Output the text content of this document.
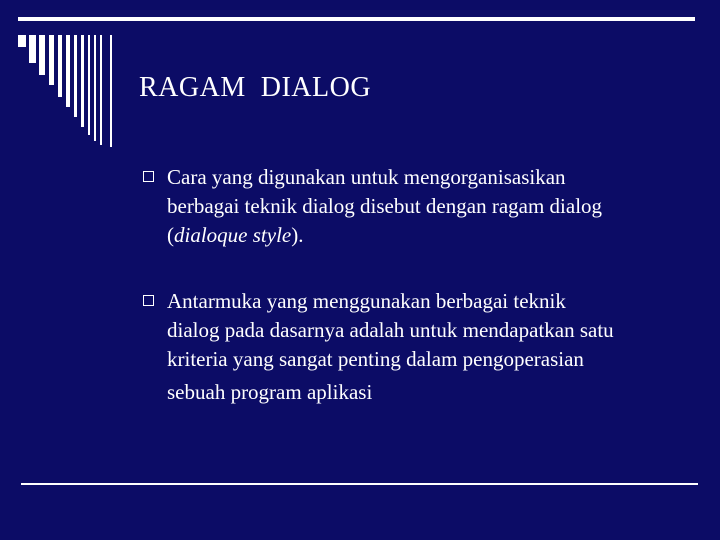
RAGAM  DIALOG
Cara yang digunakan untuk mengorganisasikan
berbagai teknik dialog disebut dengan ragam dialog
(dialoque style).
Antarmuka yang menggunakan berbagai teknik
dialog pada dasarnya adalah untuk mendapatkan satu
kriteria yang sangat penting dalam pengoperasian
sebuah program aplikasi
